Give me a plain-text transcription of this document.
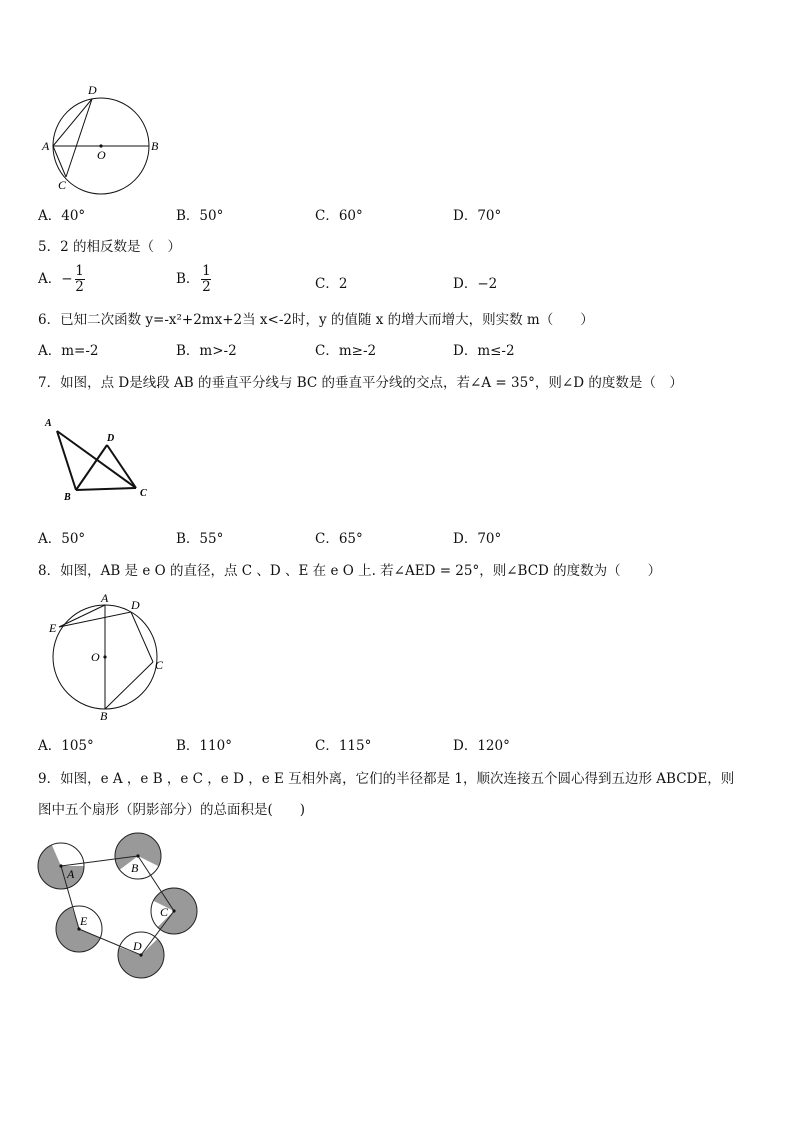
D
A
O
B
C
A．40°	B．50°	C．60°	D．70°
5．2 的相反数是（　）
A．− $\frac{1}{2}$	B． $\frac{1}{2}$	C．2	D．−2
6．已知二次函数 y=-x²+2mx+2当 x<-2时，y 的值随 x 的增大而增大，则实数 m（　　）
A．m=-2	B．m>-2	C．m≥-2	D．m≤-2
7．如图，点 D是线段 AB 的垂直平分线与 BC 的垂直平分线的交点，若∠A = 35°，则∠D 的度数是（　）
A
D
B	C
A．50°	B．55°	C．65°	D．70°
8．如图，AB 是 e O 的直径，点 C 、D 、E 在 e O 上. 若∠AED = 25°，则∠BCD 的度数为（　　）
A D
E
O
C
B
A．105°	B．110°	C．115°	D．120°
9．如图，e A ，e B ，e C ，e D ，e E 互相外离，它们的半径都是 1，顺次连接五个圆心得到五边形 ABCDE，则
图中五个扇形（阴影部分）的总面积是(　　)
A	B
C
D
E
